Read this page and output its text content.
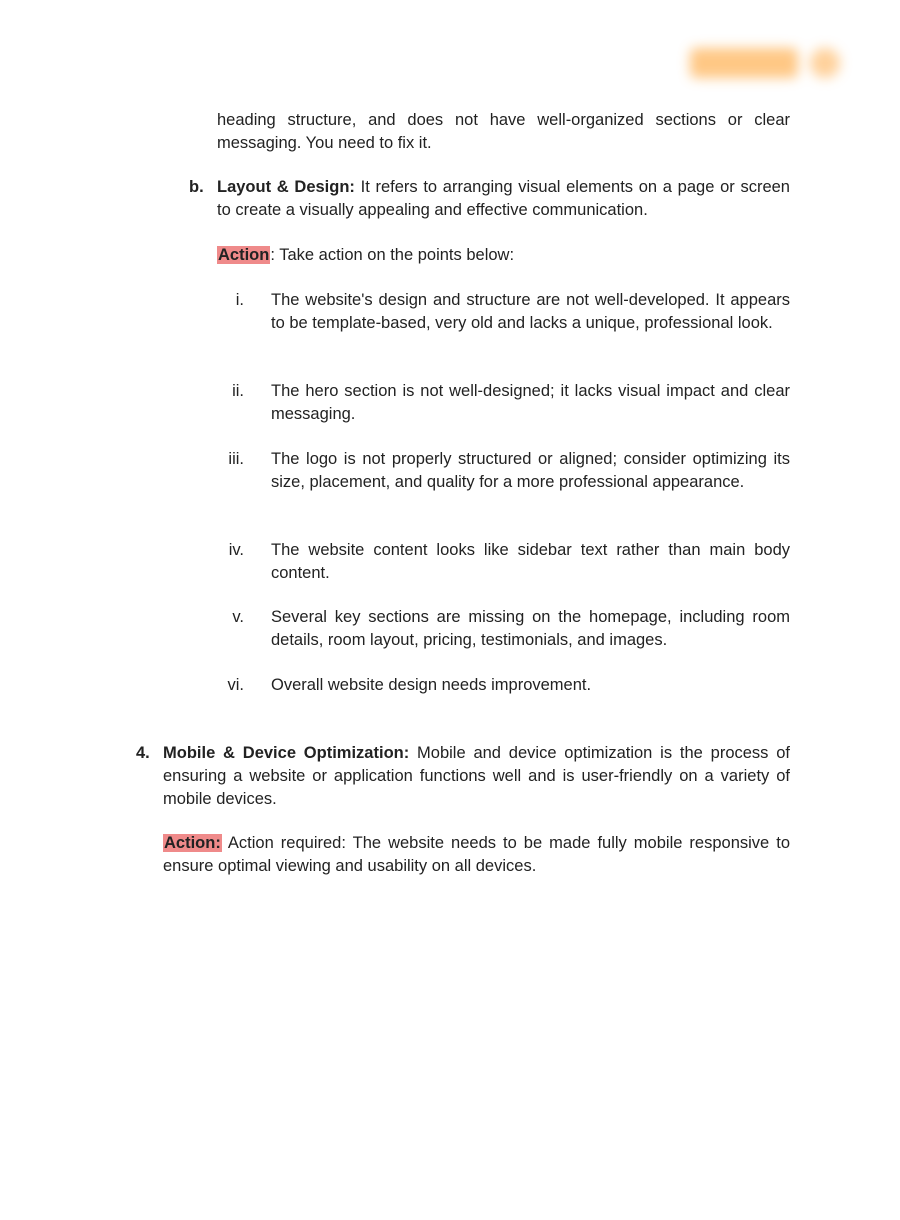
heading structure, and does not have well-organized sections or clear messaging. You need to fix it.

b. Layout & Design: It refers to arranging visual elements on a page or screen to create a visually appealing and effective communication.

Action: Take action on the points below:

i. The website's design and structure are not well-developed. It appears to be template-based, very old and lacks a unique, professional look.

ii. The hero section is not well-designed; it lacks visual impact and clear messaging.

iii. The logo is not properly structured or aligned; consider optimizing its size, placement, and quality for a more professional appearance.

iv. The website content looks like sidebar text rather than main body content.

v. Several key sections are missing on the homepage, including room details, room layout, pricing, testimonials, and images.

vi. Overall website design needs improvement.

4. Mobile & Device Optimization: Mobile and device optimization is the process of ensuring a website or application functions well and is user-friendly on a variety of mobile devices.

Action: Action required: The website needs to be made fully mobile responsive to ensure optimal viewing and usability on all devices.
